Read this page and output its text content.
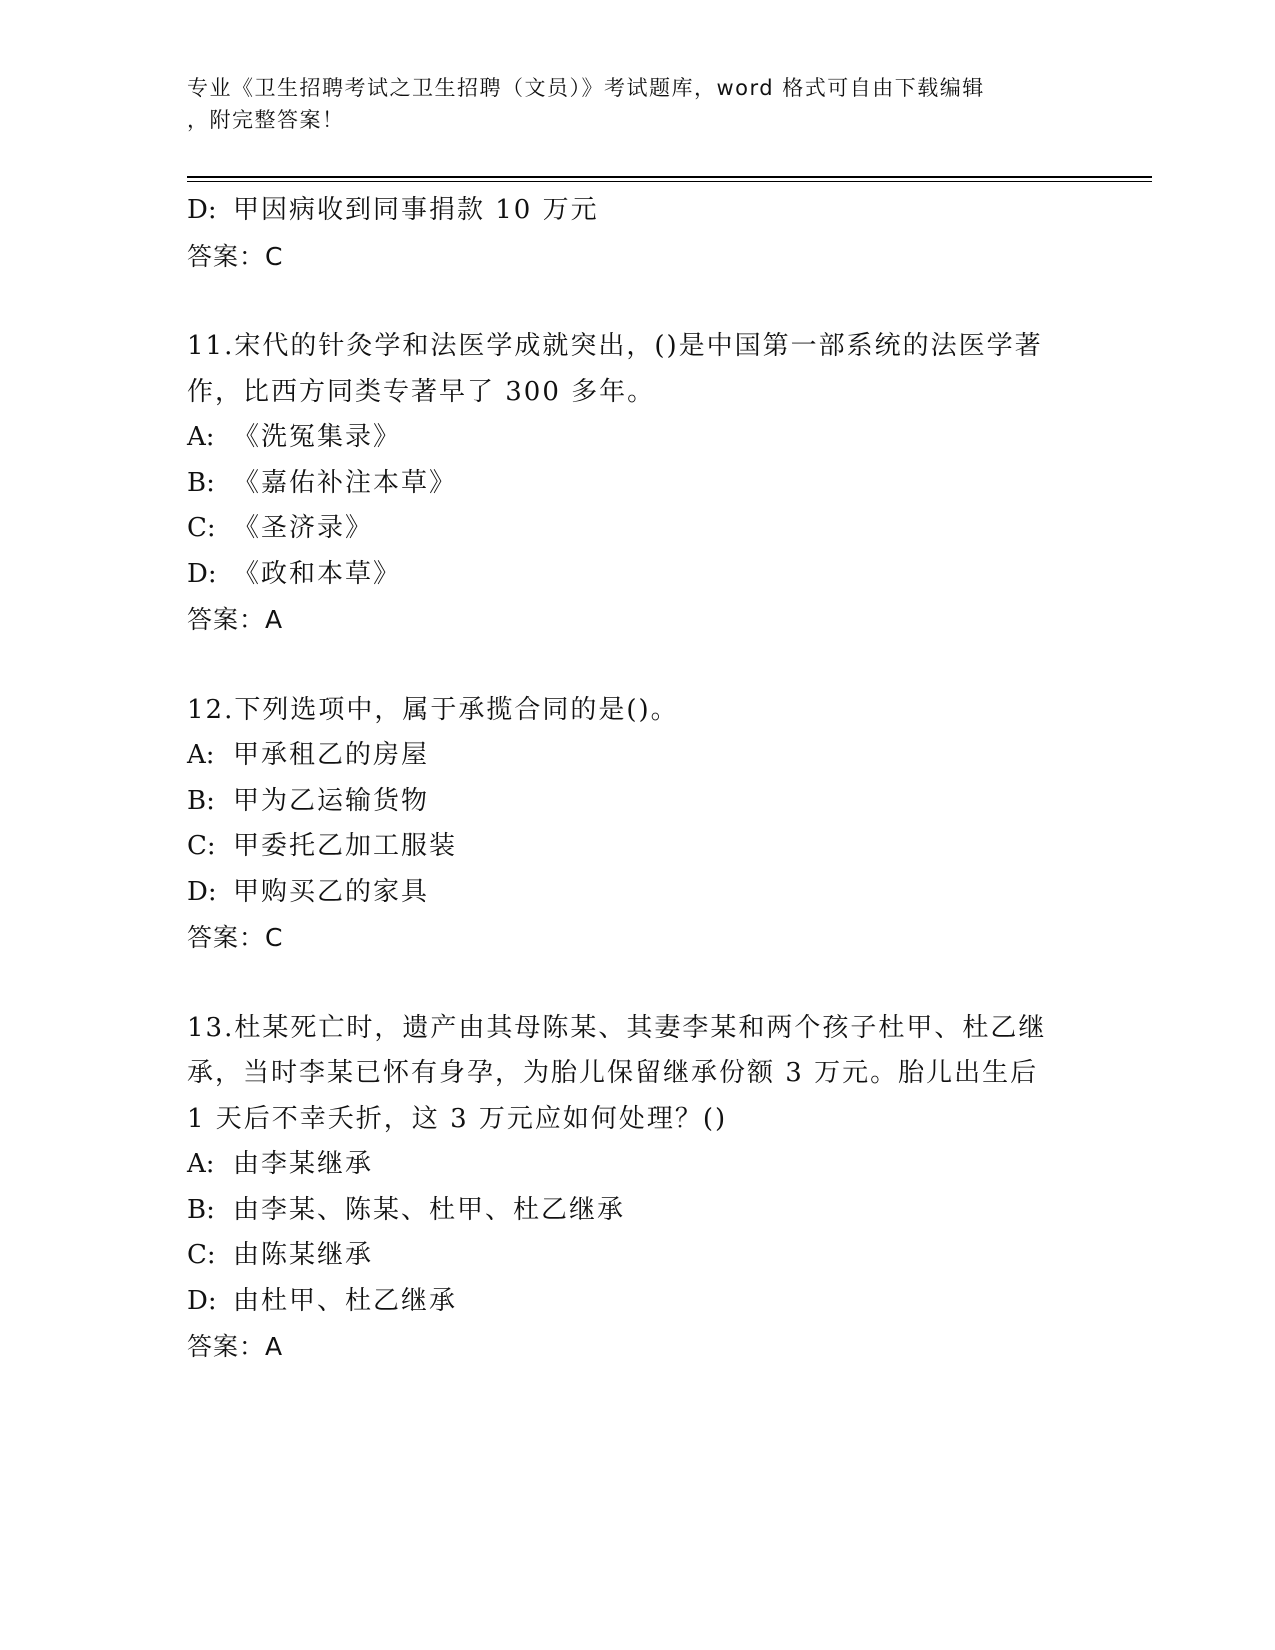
专业《卫生招聘考试之卫生招聘（文员）》考试题库，word 格式可自由下载编辑
，附完整答案！
D: 甲因病收到同事捐款 10 万元
答案：C
11.宋代的针灸学和法医学成就突出，()是中国第一部系统的法医学著
作，比西方同类专著早了 300 多年。
A: 《洗冤集录》
B: 《嘉佑补注本草》
C: 《圣济录》
D: 《政和本草》
答案：A
12.下列选项中，属于承揽合同的是()。
A: 甲承租乙的房屋
B: 甲为乙运输货物
C: 甲委托乙加工服装
D: 甲购买乙的家具
答案：C
13.杜某死亡时，遗产由其母陈某、其妻李某和两个孩子杜甲、杜乙继
承，当时李某已怀有身孕，为胎儿保留继承份额 3 万元。胎儿出生后
1 天后不幸夭折，这 3 万元应如何处理？()
A: 由李某继承
B: 由李某、陈某、杜甲、杜乙继承
C: 由陈某继承
D: 由杜甲、杜乙继承
答案：A
